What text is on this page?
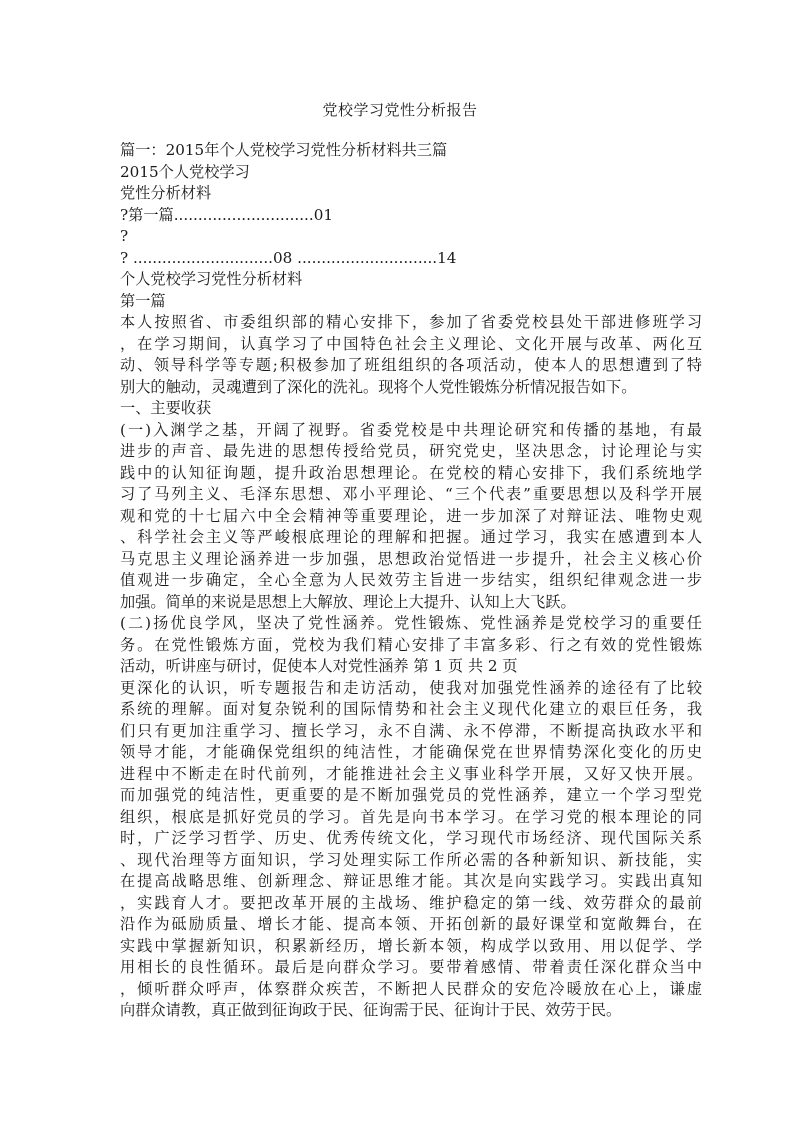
党校学习党性分析报告
篇一：2015年个人党校学习党性分析材料共三篇
2015个人党校学习
党性分析材料
?第一篇.............................01
?
? .............................08 .............................14
个人党校学习党性分析材料
第一篇
本人按照省、市委组织部的精心安排下，参加了省委党校县处干部进修班学习
，在学习期间，认真学习了中国特色社会主义理论、文化开展与改革、两化互
动、领导科学等专题;积极参加了班组组织的各项活动，使本人的思想遭到了特
别大的触动，灵魂遭到了深化的洗礼。现将个人党性锻炼分析情况报告如下。
一、主要收获
(一)入渊学之基，开阔了视野。省委党校是中共理论研究和传播的基地，有最
进步的声音、最先进的思想传授给党员，研究党史，坚决思念，讨论理论与实
践中的认知征询题，提升政治思想理论。在党校的精心安排下，我们系统地学
习了马列主义、毛泽东思想、邓小平理论、“三个代表”重要思想以及科学开展
观和党的十七届六中全会精神等重要理论，进一步加深了对辩证法、唯物史观
、科学社会主义等严峻根底理论的理解和把握。通过学习，我实在感遭到本人
马克思主义理论涵养进一步加强，思想政治觉悟进一步提升，社会主义核心价
值观进一步确定，全心全意为人民效劳主旨进一步结实，组织纪律观念进一步
加强。简单的来说是思想上大解放、理论上大提升、认知上大飞跃。
(二)扬优良学风，坚决了党性涵养。党性锻炼、党性涵养是党校学习的重要任
务。在党性锻炼方面，党校为我们精心安排了丰富多彩、行之有效的党性锻炼
活动，听讲座与研讨，促使本人对党性涵养 第 1 页 共 2 页
更深化的认识，听专题报告和走访活动，使我对加强党性涵养的途径有了比较
系统的理解。面对复杂锐利的国际情势和社会主义现代化建立的艰巨任务，我
们只有更加注重学习、擅长学习，永不自满、永不停滞，不断提高执政水平和
领导才能，才能确保党组织的纯洁性，才能确保党在世界情势深化变化的历史
进程中不断走在时代前列，才能推进社会主义事业科学开展，又好又快开展。
而加强党的纯洁性，更重要的是不断加强党员的党性涵养，建立一个学习型党
组织，根底是抓好党员的学习。首先是向书本学习。在学习党的根本理论的同
时，广泛学习哲学、历史、优秀传统文化，学习现代市场经济、现代国际关系
、现代治理等方面知识，学习处理实际工作所必需的各种新知识、新技能，实
在提高战略思维、创新理念、辩证思维才能。其次是向实践学习。实践出真知
，实践育人才。要把改革开展的主战场、维护稳定的第一线、效劳群众的最前
沿作为砥励质量、增长才能、提高本领、开拓创新的最好课堂和宽敞舞台，在
实践中掌握新知识，积累新经历，增长新本领，构成学以致用、用以促学、学
用相长的良性循环。最后是向群众学习。要带着感情、带着责任深化群众当中
，倾听群众呼声，体察群众疾苦，不断把人民群众的安危冷暖放在心上，谦虚
向群众请教，真正做到征询政于民、征询需于民、征询计于民、效劳于民。
